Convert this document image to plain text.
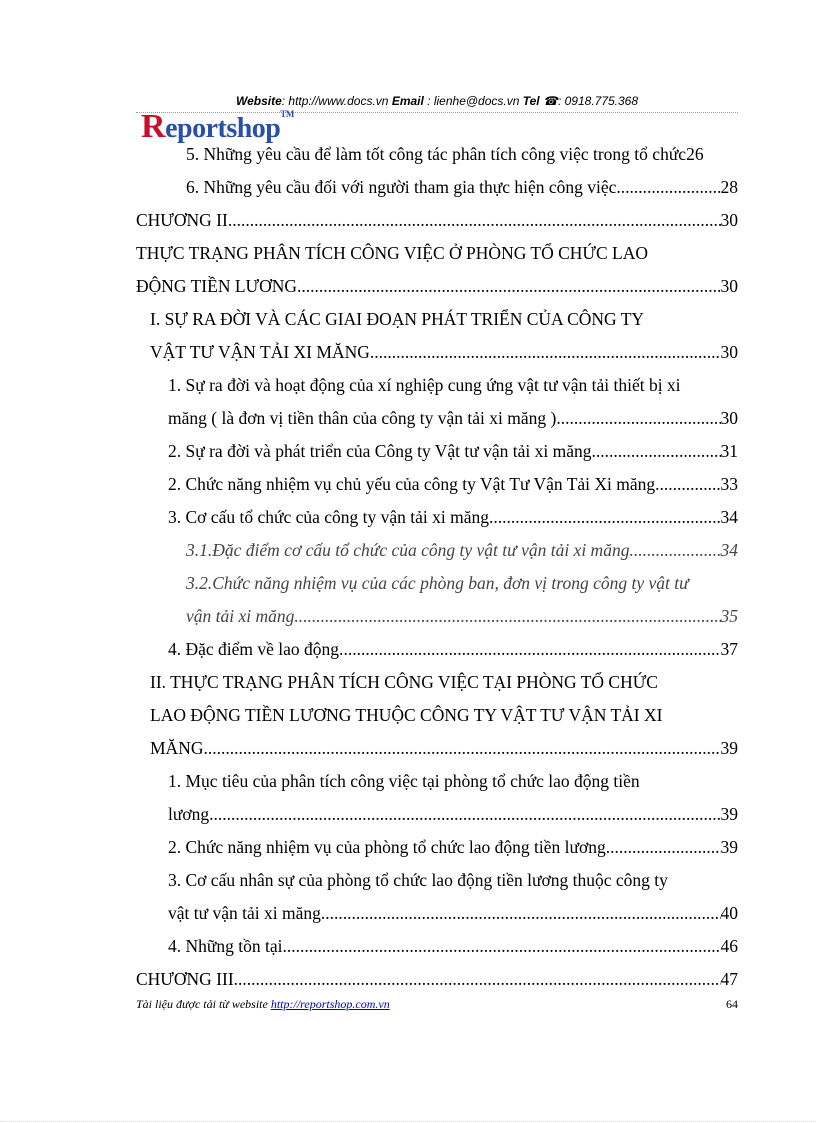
Website: http://www.docs.vn Email : lienhe@docs.vn Tel ☎: 0918.775.368
Reportshop™
5. Những yêu cầu để làm tốt công tác phân tích công việc trong tổ chức 26
6. Những yêu cầu đối với người tham gia thực hiện công việc .....	28
CHƯƠNG II .....	30
THỰC TRẠNG PHÂN TÍCH CÔNG VIỆC Ở PHÒNG TỔ CHỨC LAO
ĐỘNG TIỀN LƯƠNG .....	30
I. SỰ RA ĐỜI VÀ CÁC GIAI ĐOẠN PHÁT TRIỂN CỦA CÔNG TY
VẬT TƯ VẬN TẢI XI MĂNG .....	30
1. Sự ra đời và hoạt động của xí nghiệp cung ứng vật tư vận tải thiết bị xi
măng ( là đơn vị tiền thân của công ty vận tải xi măng ) .....	30
2. Sự ra đời và phát triển của Công ty Vật tư vận tải xi măng. .....	31
2. Chức năng nhiệm vụ chủ yếu của công ty Vật Tư Vận Tải Xi măng. .....	33
3. Cơ cấu tổ chức của công ty vận tải xi măng. .....	34
3.1.Đặc điểm cơ cấu tổ chức của công ty vật tư vận tải xi măng. .....	34
3.2.Chức năng nhiệm vụ của các phòng ban, đơn vị trong công ty vật tư
vận tải xi măng .....	35
4. Đặc điểm về lao động. .....	37
II. THỰC TRẠNG PHÂN TÍCH CÔNG VIỆC TẠI PHÒNG TỔ CHỨC
LAO ĐỘNG TIỀN LƯƠNG THUỘC CÔNG TY VẬT TƯ VẬN TẢI XI
MĂNG. .....	39
1. Mục tiêu của phân tích công việc tại phòng tổ chức lao động tiền
lương. .....	39
2. Chức năng nhiệm vụ của phòng tổ chức lao động tiền lương. .....	39
3. Cơ cấu nhân sự của phòng tổ chức lao động tiền lương thuộc công ty
vật tư vận tải xi măng. .....	40
4. Những tồn tại .....	46
CHƯƠNG III .....	47
Tài liệu được tải từ website http://reportshop.com.vn	64
